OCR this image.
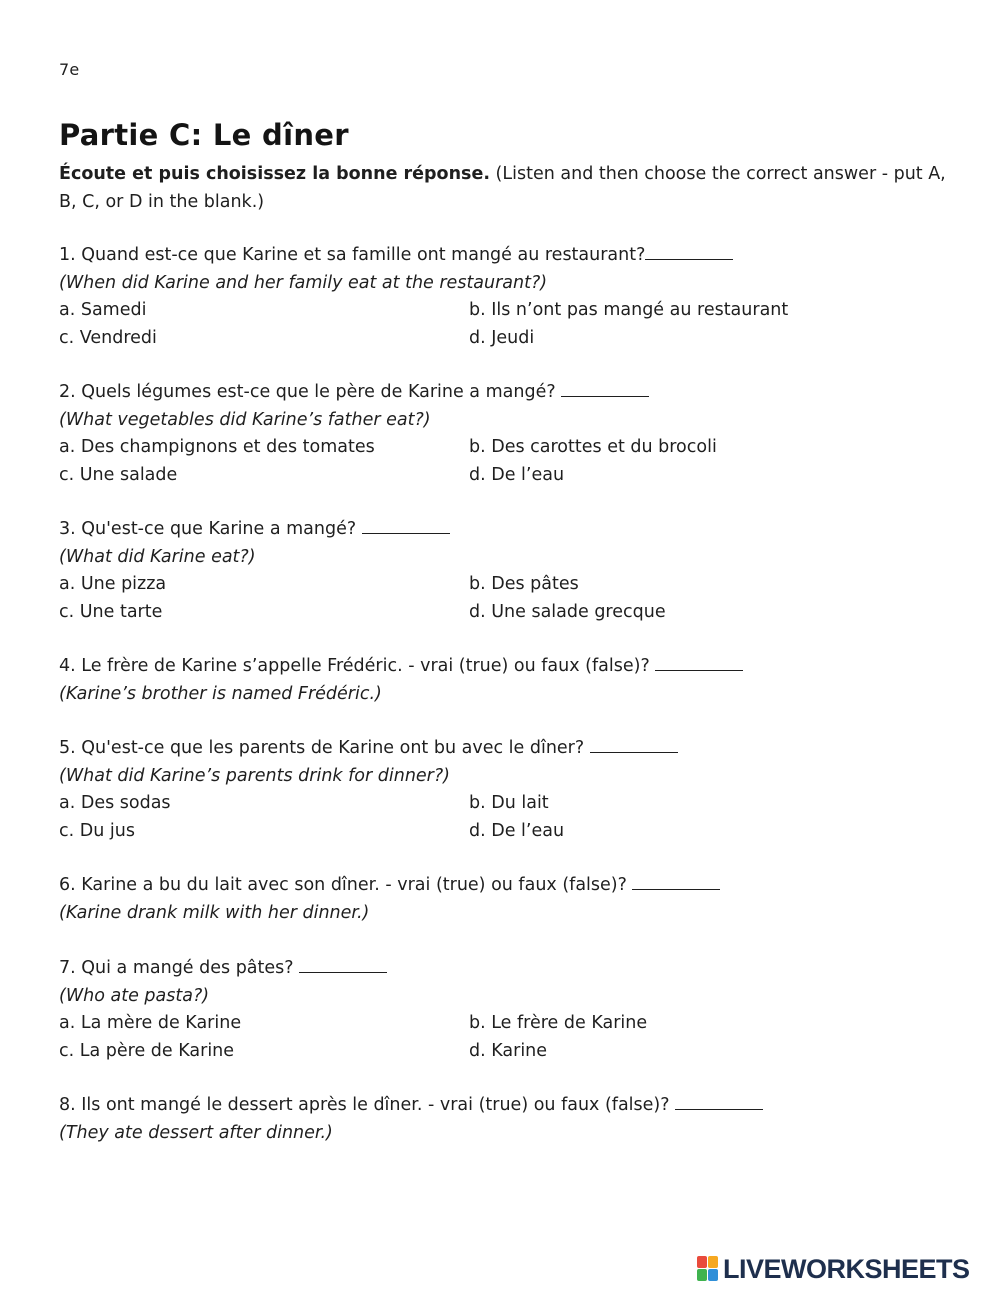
7e
Partie C: Le dîner
Écoute et puis choisissez la bonne réponse. (Listen and then choose the correct answer - put A, B, C, or D in the blank.)
1. Quand est-ce que Karine et sa famille ont mangé au restaurant?
(When did Karine and her family eat at the restaurant?)
a. Samedi	b. Ils n’ont pas mangé au restaurant
c. Vendredi	d. Jeudi
2. Quels légumes est-ce que le père de Karine a mangé?
(What vegetables did Karine’s father eat?)
a. Des champignons et des tomates	b. Des carottes et du brocoli
c. Une salade	d. De l’eau
3. Qu'est-ce que Karine a mangé?
(What did Karine eat?)
a. Une pizza	b. Des pâtes
c. Une tarte	d. Une salade grecque
4. Le frère de Karine s’appelle Frédéric. - vrai (true) ou faux (false)?
(Karine’s brother is named Frédéric.)
5. Qu'est-ce que les parents de Karine ont bu avec le dîner?
(What did Karine’s parents drink for dinner?)
a. Des sodas	b. Du lait
c. Du jus	d. De l’eau
6. Karine a bu du lait avec son dîner. - vrai (true) ou faux (false)?
(Karine drank milk with her dinner.)
7. Qui a mangé des pâtes?
(Who ate pasta?)
a. La mère de Karine	b. Le frère de Karine
c. La père de Karine	d. Karine
8. Ils ont mangé le dessert après le dîner. - vrai (true) ou faux (false)?
(They ate dessert after dinner.)
LIVEWORKSHEETS
